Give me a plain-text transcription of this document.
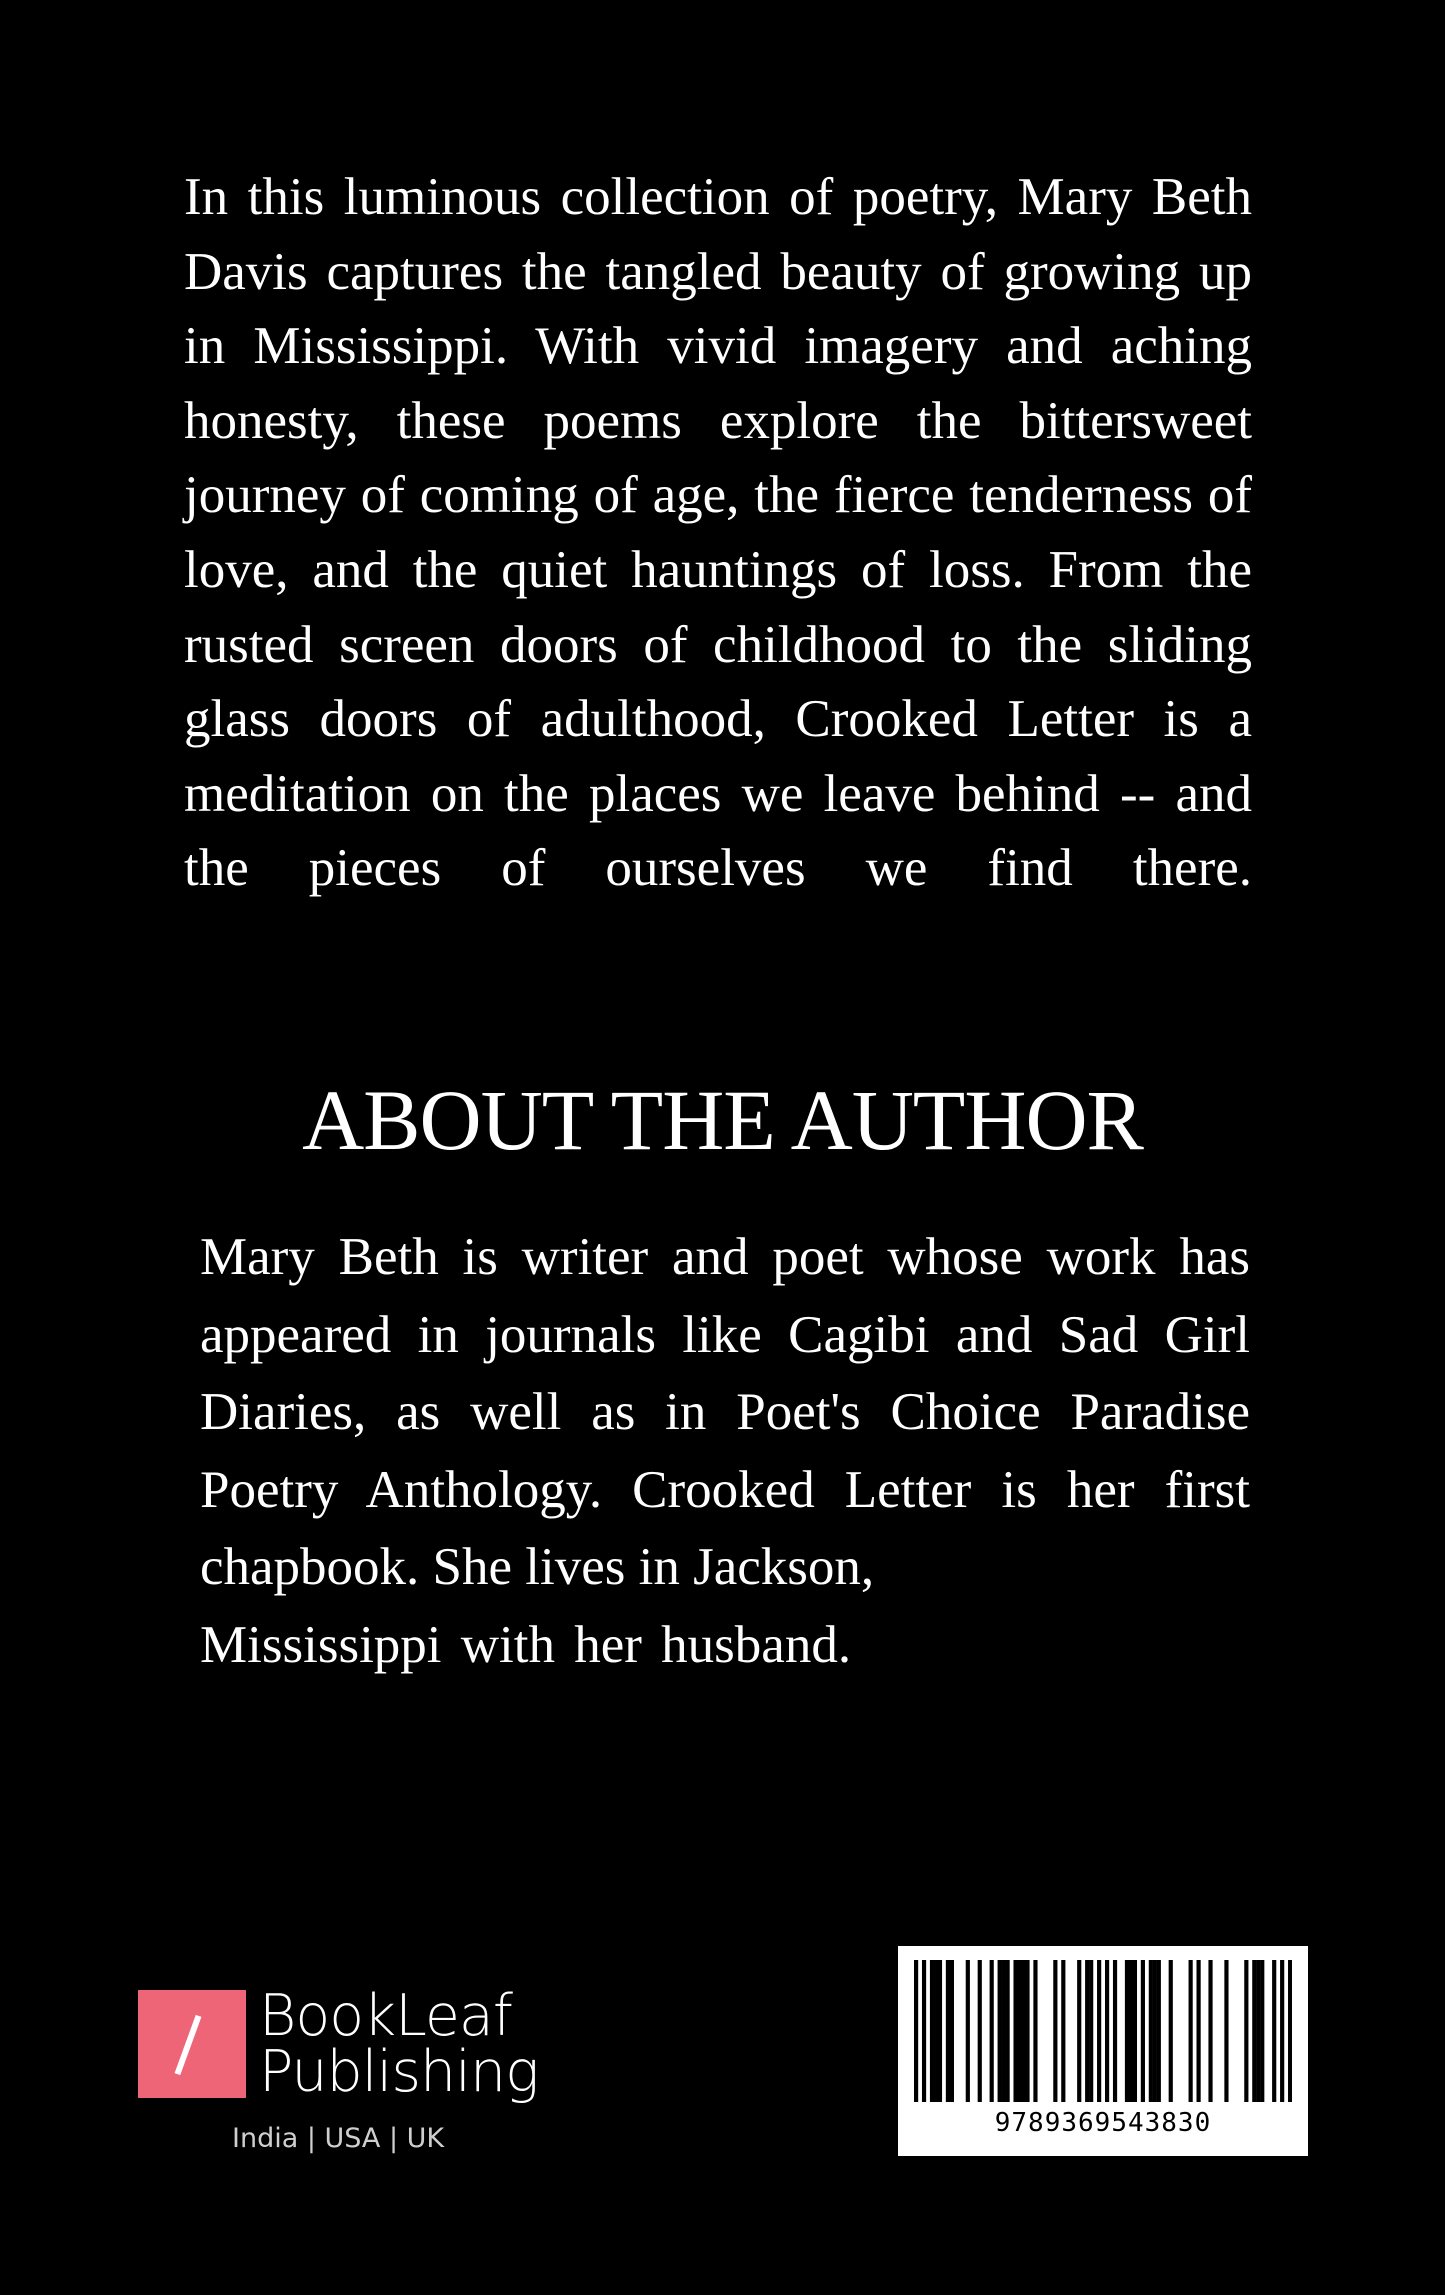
In this luminous collection of poetry, Mary Beth Davis captures the tangled beauty of growing up in Mississippi. With vivid imagery and aching honesty, these poems explore the bittersweet journey of coming of age, the fierce tenderness of love, and the quiet hauntings of loss. From the rusted screen doors of childhood to the sliding glass doors of adulthood, Crooked Letter is a meditation on the places we leave behind -- and the pieces of ourselves we find there.

ABOUT THE AUTHOR

Mary Beth is writer and poet whose work has appeared in journals like Cagibi and Sad Girl Diaries, as well as in Poet's Choice Paradise Poetry Anthology. Crooked Letter is her first chapbook. She lives in Jackson,

Mississippi with her husband.

BookLeaf
Publishing
India | USA | UK	9789369543830
